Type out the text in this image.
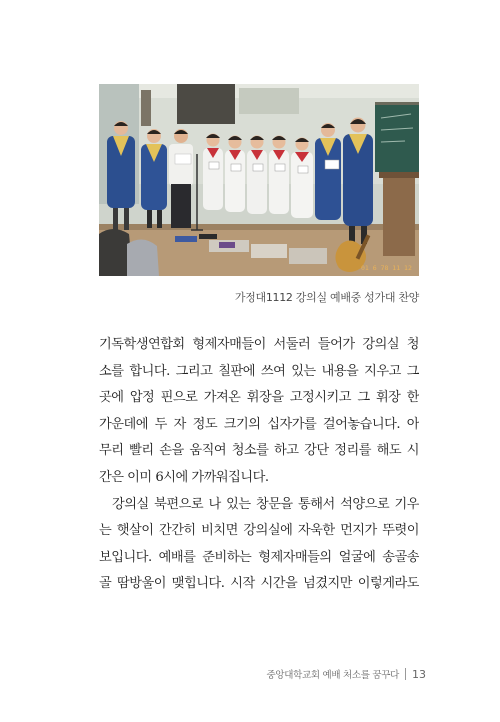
01 6 78 11 12
가정대1112 강의실 예배중 성가대 찬양
기독학생연합회 형제자매들이 서둘러 들어가 강의실 청
소를 합니다. 그리고 칠판에 쓰여 있는 내용을 지우고 그
곳에 압정 핀으로 가져온 휘장을 고정시키고 그 휘장 한
가운데에 두 자 정도 크기의 십자가를 걸어놓습니다. 아
무리 빨리 손을 움직여 청소를 하고 강단 정리를 해도 시
간은 이미 6시에 가까워집니다.
강의실 북편으로 나 있는 창문을 통해서 석양으로 기우
는 햇살이 간간히 비치면 강의실에 자욱한 먼지가 뚜렷이
보입니다. 예배를 준비하는 형제자매들의 얼굴에 송골송
골 땀방울이 맺힙니다. 시작 시간을 넘겼지만 이렇게라도
중앙대학교회 예배 처소를 꿈꾸다 13
